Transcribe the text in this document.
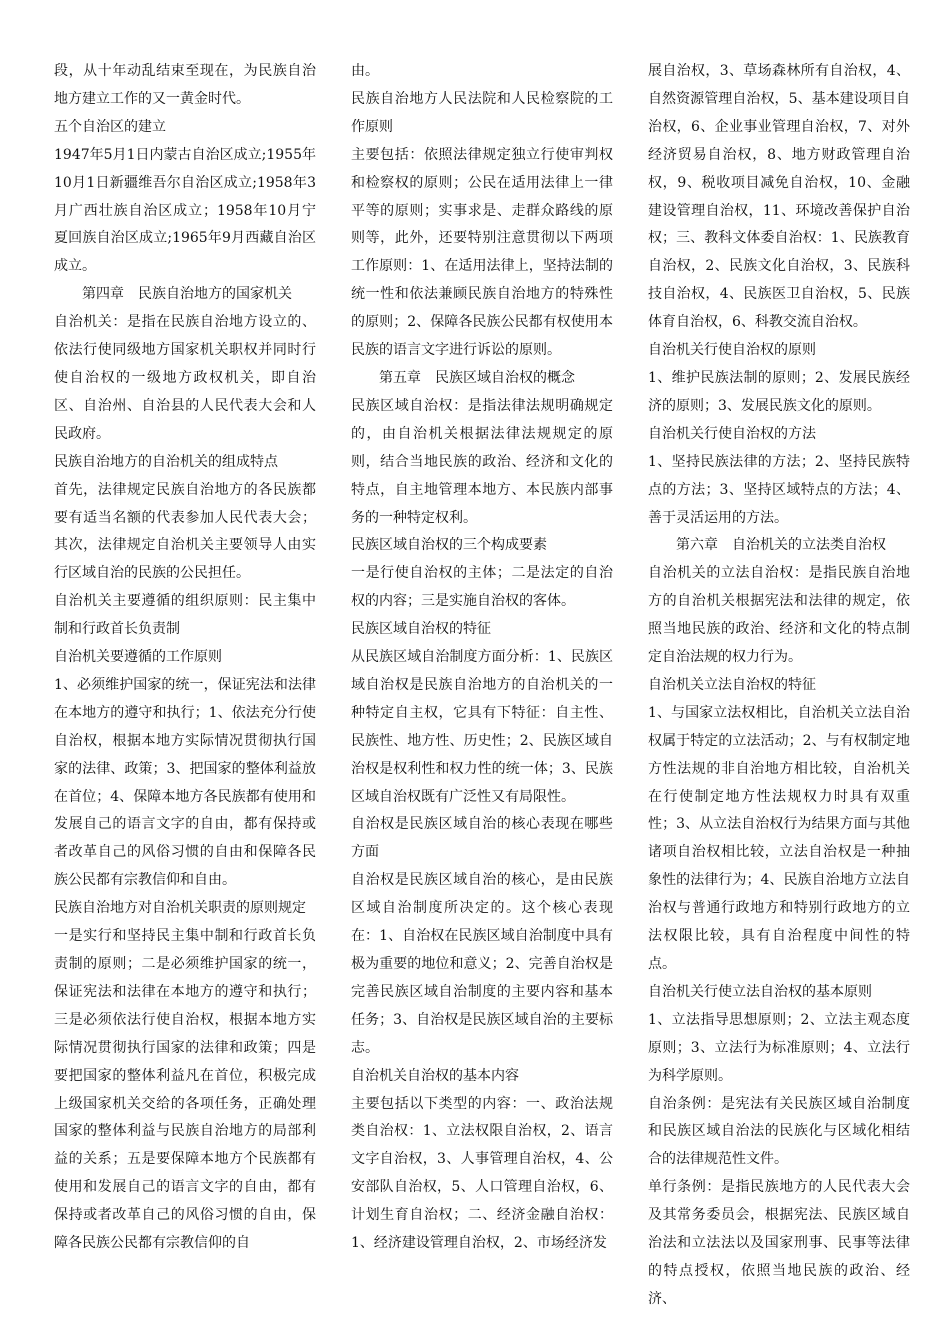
段，从十年动乱结束至现在，为民族自治地方建立工作的又一黄金时代。

五个自治区的建立

1947年5月1日内蒙古自治区成立;1955年10月1日新疆维吾尔自治区成立;1958年3月广西壮族自治区成立；1958年10月宁夏回族自治区成立;1965年9月西藏自治区成立。

第四章　民族自治地方的国家机关

自治机关：是指在民族自治地方设立的、依法行使同级地方国家机关职权并同时行使自治权的一级地方政权机关，即自治区、自治州、自治县的人民代表大会和人民政府。

民族自治地方的自治机关的组成特点

首先，法律规定民族自治地方的各民族都要有适当名额的代表参加人民代表大会；其次，法律规定自治机关主要领导人由实行区域自治的民族的公民担任。

自治机关主要遵循的组织原则：民主集中制和行政首长负责制

自治机关要遵循的工作原则

1、必须维护国家的统一，保证宪法和法律在本地方的遵守和执行；1、依法充分行使自治权，根据本地方实际情况贯彻执行国家的法律、政策；3、把国家的整体利益放在首位；4、保障本地方各民族都有使用和发展自己的语言文字的自由，都有保持或者改革自己的风俗习惯的自由和保障各民族公民都有宗教信仰和自由。

民族自治地方对自治机关职责的原则规定

一是实行和坚持民主集中制和行政首长负责制的原则；二是必须维护国家的统一，保证宪法和法律在本地方的遵守和执行；三是必须依法行使自治权，根据本地方实际情况贯彻执行国家的法律和政策；四是要把国家的整体利益凡在首位，积极完成上级国家机关交给的各项任务，正确处理国家的整体利益与民族自治地方的局部利益的关系；五是要保障本地方个民族都有使用和发展自己的语言文字的自由，都有保持或者改革自己的风俗习惯的自由，保障各民族公民都有宗教信仰的自

由。

民族自治地方人民法院和人民检察院的工作原则

主要包括：依照法律规定独立行使审判权和检察权的原则；公民在适用法律上一律平等的原则；实事求是、走群众路线的原则等，此外，还要特别注意贯彻以下两项工作原则：1、在适用法律上，坚持法制的统一性和依法兼顾民族自治地方的特殊性的原则；2、保障各民族公民都有权使用本民族的语言文字进行诉讼的原则。

第五章　民族区域自治权的概念

民族区域自治权：是指法律法规明确规定的，由自治机关根据法律法规规定的原则，结合当地民族的政治、经济和文化的特点，自主地管理本地方、本民族内部事务的一种特定权利。

民族区域自治权的三个构成要素

一是行使自治权的主体；二是法定的自治权的内容；三是实施自治权的客体。

民族区域自治权的特征

从民族区域自治制度方面分析：1、民族区域自治权是民族自治地方的自治机关的一种特定自主权，它具有下特征：自主性、民族性、地方性、历史性；2、民族区域自治权是权利性和权力性的统一体；3、民族区域自治权既有广泛性又有局限性。

自治权是民族区域自治的核心表现在哪些方面

自治权是民族区域自治的核心，是由民族区域自治制度所决定的。这个核心表现在：1、自治权在民族区域自治制度中具有极为重要的地位和意义；2、完善自治权是完善民族区域自治制度的主要内容和基本任务；3、自治权是民族区域自治的主要标志。

自治机关自治权的基本内容

主要包括以下类型的内容：一、政治法规类自治权：1、立法权限自治权，2、语言文字自治权，3、人事管理自治权，4、公安部队自治权，5、人口管理自治权，6、计划生育自治权；二、经济金融自治权：1、经济建设管理自治权，2、市场经济发

展自治权，3、草场森林所有自治权，4、自然资源管理自治权，5、基本建设项目自治权，6、企业事业管理自治权，7、对外经济贸易自治权，8、地方财政管理自治权，9、税收项目减免自治权，10、金融建设管理自治权，11、环境改善保护自治权；三、教科文体委自治权：1、民族教育自治权，2、民族文化自治权，3、民族科技自治权，4、民族医卫自治权，5、民族体育自治权，6、科教交流自治权。

自治机关行使自治权的原则

1、维护民族法制的原则；2、发展民族经济的原则；3、发展民族文化的原则。

自治机关行使自治权的方法

1、坚持民族法律的方法；2、坚持民族特点的方法；3、坚持区域特点的方法；4、善于灵活运用的方法。

第六章　自治机关的立法类自治权

自治机关的立法自治权：是指民族自治地方的自治机关根据宪法和法律的规定，依照当地民族的政治、经济和文化的特点制定自治法规的权力行为。

自治机关立法自治权的特征

1、与国家立法权相比，自治机关立法自治权属于特定的立法活动；2、与有权制定地方性法规的非自治地方相比较，自治机关在行使制定地方性法规权力时具有双重性；3、从立法自治权行为结果方面与其他诸项自治权相比较，立法自治权是一种抽象性的法律行为；4、民族自治地方立法自治权与普通行政地方和特别行政地方的立法权限比较，具有自治程度中间性的特点。

自治机关行使立法自治权的基本原则

1、立法指导思想原则；2、立法主观态度原则；3、立法行为标准原则；4、立法行为科学原则。

自治条例：是宪法有关民族区域自治制度和民族区域自治法的民族化与区域化相结合的法律规范性文件。

单行条例：是指民族地方的人民代表大会及其常务委员会，根据宪法、民族区域自治法和立法法以及国家刑事、民事等法律的特点授权，依照当地民族的政治、经济、
